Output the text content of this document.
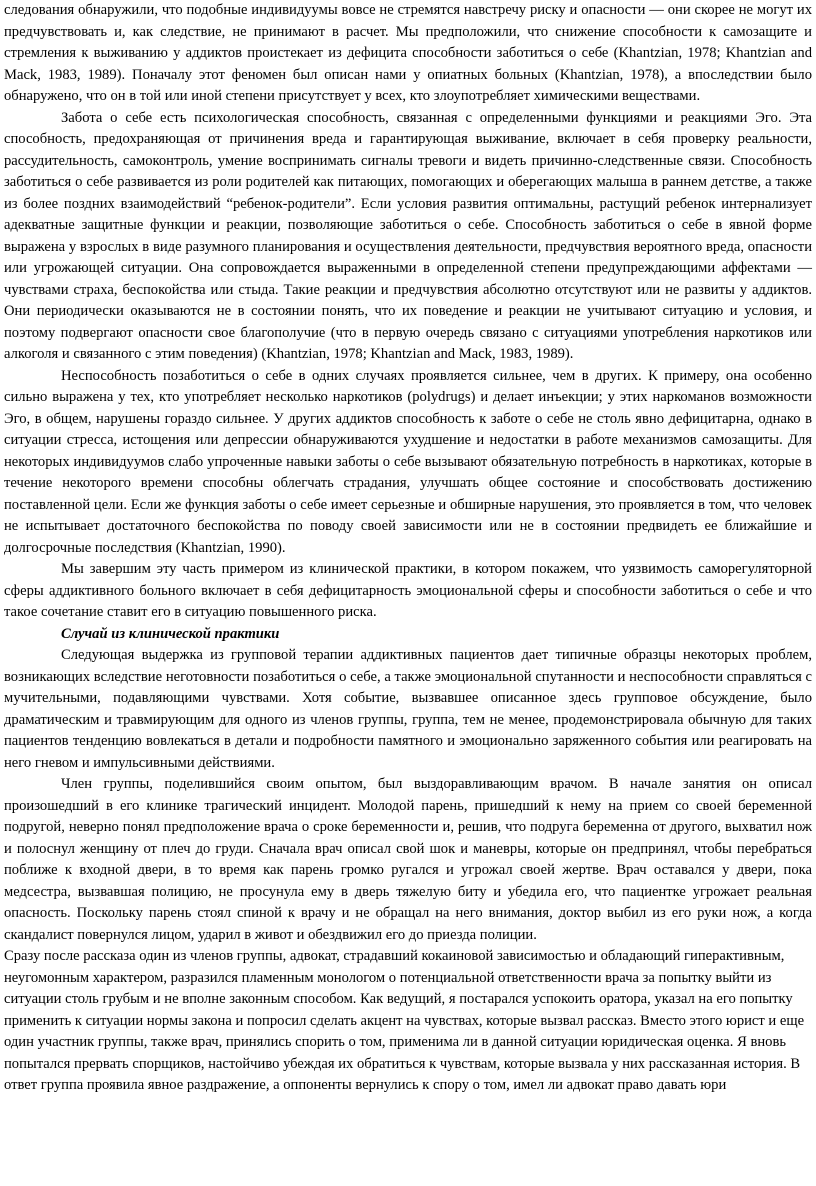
следования обнаружили, что подобные индивидуумы вовсе не стремятся навстречу риску и опасности — они скорее не могут их предчувствовать и, как следствие, не принимают в расчет. Мы предположили, что снижение способности к самозащите и стремления к выживанию у аддиктов проистекает из дефицита способности заботиться о себе (Khantzian, 1978; Khantzian and Mack, 1983, 1989). Поначалу этот феномен был описан нами у опиатных больных (Khantzian, 1978), а впоследствии было обнаружено, что он в той или иной степени присутствует у всех, кто злоупотребляет химическими веществами.

Забота о себе есть психологическая способность, связанная с определенными функциями и реакциями Эго. Эта способность, предохраняющая от причинения вреда и гарантирующая выживание, включает в себя проверку реальности, рассудительность, самоконтроль, умение воспринимать сигналы тревоги и видеть причинно-следственные связи. Способность заботиться о себе развивается из роли родителей как питающих, помогающих и оберегающих малыша в раннем детстве, а также из более поздних взаимодействий “ребенок-родители”. Если условия развития оптимальны, растущий ребенок интернализует адекватные защитные функции и реакции, позволяющие заботиться о себе. Способность заботиться о себе в явной форме выражена у взрослых в виде разумного планирования и осуществления деятельности, предчувствия вероятного вреда, опасности или угрожающей ситуации. Она сопровождается выраженными в определенной степени предупреждающими аффектами — чувствами страха, беспокойства или стыда. Такие реакции и предчувствия абсолютно отсутствуют или не развиты у аддиктов. Они периодически оказываются не в состоянии понять, что их поведение и реакции не учитывают ситуацию и условия, и поэтому подвергают опасности свое благополучие (что в первую очередь связано с ситуациями употребления наркотиков или алкоголя и связанного с этим поведения) (Khantzian, 1978; Khantzian and Mack, 1983, 1989).

Неспособность позаботиться о себе в одних случаях проявляется сильнее, чем в других. К примеру, она особенно сильно выражена у тех, кто употребляет несколько наркотиков (polydrugs) и делает инъекции; у этих наркоманов возможности Эго, в общем, нарушены гораздо сильнее. У других аддиктов способность к заботе о себе не столь явно дефицитарна, однако в ситуации стресса, истощения или депрессии обнаруживаются ухудшение и недостатки в работе механизмов самозащиты. Для некоторых индивидуумов слабо упроченные навыки заботы о себе вызывают обязательную потребность в наркотиках, которые в течение некоторого времени способны облегчать страдания, улучшать общее состояние и способствовать достижению поставленной цели. Если же функция заботы о себе имеет серьезные и обширные нарушения, это проявляется в том, что человек не испытывает достаточного беспокойства по поводу своей зависимости или не в состоянии предвидеть ее ближайшие и долгосрочные последствия (Khantzian, 1990).

Мы завершим эту часть примером из клинической практики, в котором покажем, что уязвимость саморегуляторной сферы аддиктивного больного включает в себя дефицитарность эмоциональной сферы и способности заботиться о себе и что такое сочетание ставит его в ситуацию повышенного риска.

Случай из клинической практики

Следующая выдержка из групповой терапии аддиктивных пациентов дает типичные образцы некоторых проблем, возникающих вследствие неготовности позаботиться о себе, а также эмоциональной спутанности и неспособности справляться с мучительными, подавляющими чувствами. Хотя событие, вызвавшее описанное здесь групповое обсуждение, было драматическим и травмирующим для одного из членов группы, группа, тем не менее, продемонстрировала обычную для таких пациентов тенденцию вовлекаться в детали и подробности памятного и эмоционально заряженного события или реагировать на него гневом и импульсивными действиями.

Член группы, поделившийся своим опытом, был выздоравливающим врачом. В начале занятия он описал произошедший в его клинике трагический инцидент. Молодой парень, пришедший к нему на прием со своей беременной подругой, неверно понял предположение врача о сроке беременности и, решив, что подруга беременна от другого, выхватил нож и полоснул женщину от плеч до груди. Сначала врач описал свой шок и маневры, которые он предпринял, чтобы перебраться поближе к входной двери, в то время как парень громко ругался и угрожал своей жертве. Врач оставался у двери, пока медсестра, вызвавшая полицию, не просунула ему в дверь тяжелую биту и убедила его, что пациентке угрожает реальная опасность. Поскольку парень стоял спиной к врачу и не обращал на него внимания, доктор выбил из его руки нож, а когда скандалист повернулся лицом, ударил в живот и обездвижил его до приезда полиции.

Сразу после рассказа один из членов группы, адвокат, страдавший кокаиновой зависимостью и обладающий гиперактивным, неугомонным характером, разразился пламенным монологом о потенциальной ответственности врача за попытку выйти из ситуации столь грубым и не вполне законным способом. Как ведущий, я постарался успокоить оратора, указал на его попытку применить к ситуации нормы закона и попросил сделать акцент на чувствах, которые вызвал рассказ. Вместо этого юрист и еще один участник группы, также врач, принялись спорить о том, применима ли в данной ситуации юридическая оценка. Я вновь попытался прервать спорщиков, настойчиво убеждая их обратиться к чувствам, которые вызвала у них рассказанная история. В ответ группа проявила явное раздражение, а оппоненты вернулись к спору о том, имел ли адвокат право давать юри
